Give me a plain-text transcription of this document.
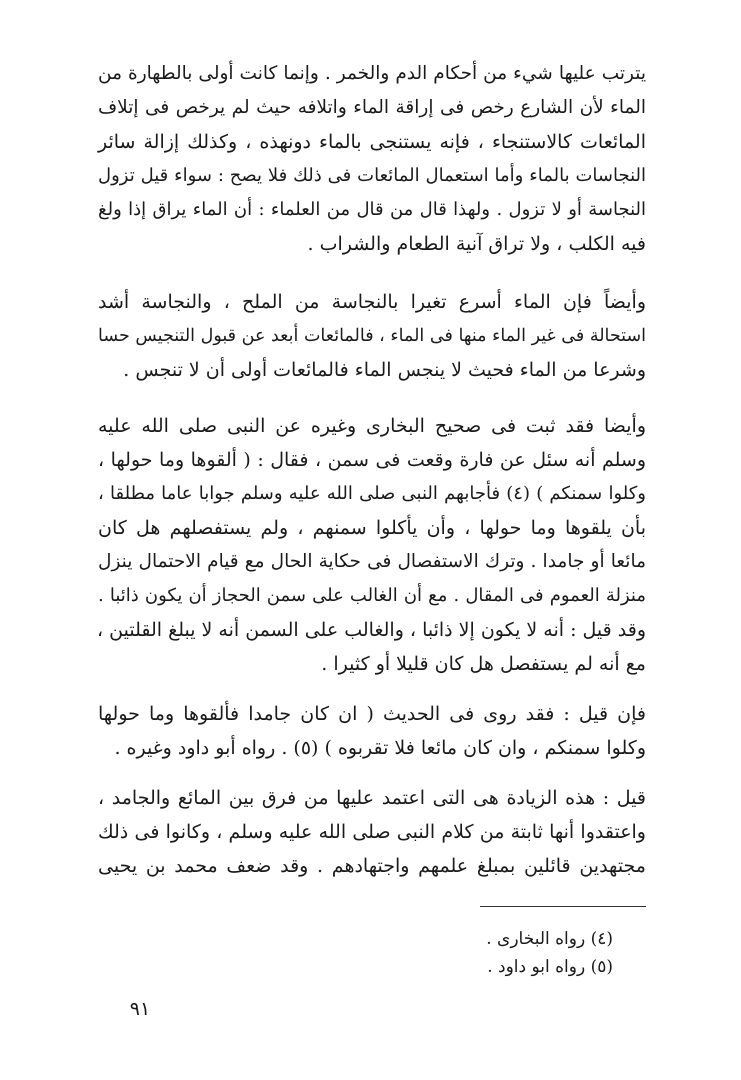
يترتب عليها شيء من أحكام الدم والخمر . وإنما كانت أولى بالطهارة من
الماء لأن الشارع رخص فى إراقة الماء واتلافه حيث لم يرخص فى إتلاف
المائعات كالاستنجاء ، فإنه يستنجى بالماء دونهذه ، وكذلك إزالة سائر
النجاسات بالماء وأما استعمال المائعات فى ذلك فلا يصح : سواء قيل تزول
النجاسة أو لا تزول . ولهذا قال من قال من العلماء : أن الماء يراق إذا ولغ
فيه الكلب ، ولا تراق آنية الطعام والشراب .
وأيضاً فإن الماء أسرع تغيرا بالنجاسة من الملح ، والنجاسة أشد
استحالة فى غير الماء منها فى الماء ، فالمائعات أبعد عن قبول التنجيس حسا
وشرعا من الماء فحيث لا ينجس الماء فالمائعات أولى أن لا تنجس .
وأيضا فقد ثبت فى صحيح البخارى وغيره عن النبى صلى الله عليه
وسلم أنه سئل عن فارة وقعت فى سمن ، فقال : ( ألقوها وما حولها ،
وكلوا سمنكم ) (٤) فأجابهم النبى صلى الله عليه وسلم جوابا عاما مطلقا ،
بأن يلقوها وما حولها ، وأن يأكلوا سمنهم ، ولم يستفصلهم هل كان
مائعا أو جامدا . وترك الاستفصال فى حكاية الحال مع قيام الاحتمال ينزل
منزلة العموم فى المقال . مع أن الغالب على سمن الحجاز أن يكون ذائبا .
وقد قيل : أنه لا يكون إلا ذائبا ، والغالب على السمن أنه لا يبلغ القلتين ،
مع أنه لم يستفصل هل كان قليلا أو كثيرا .
فإن قيل : فقد روى فى الحديث ( ان كان جامدا فألقوها وما حولها
وكلوا سمنكم ، وان كان مائعا فلا تقربوه ) (٥) . رواه أبو داود وغيره .
قيل : هذه الزيادة هى التى اعتمد عليها من فرق بين المائع والجامد ،
واعتقدوا أنها ثابتة من كلام النبى صلى الله عليه وسلم ، وكانوا فى ذلك
مجتهدين قائلين بمبلغ علمهم واجتهادهم . وقد ضعف محمد بن يحيى
(٤) رواه البخارى .
(٥) رواه ابو داود .
٩١
